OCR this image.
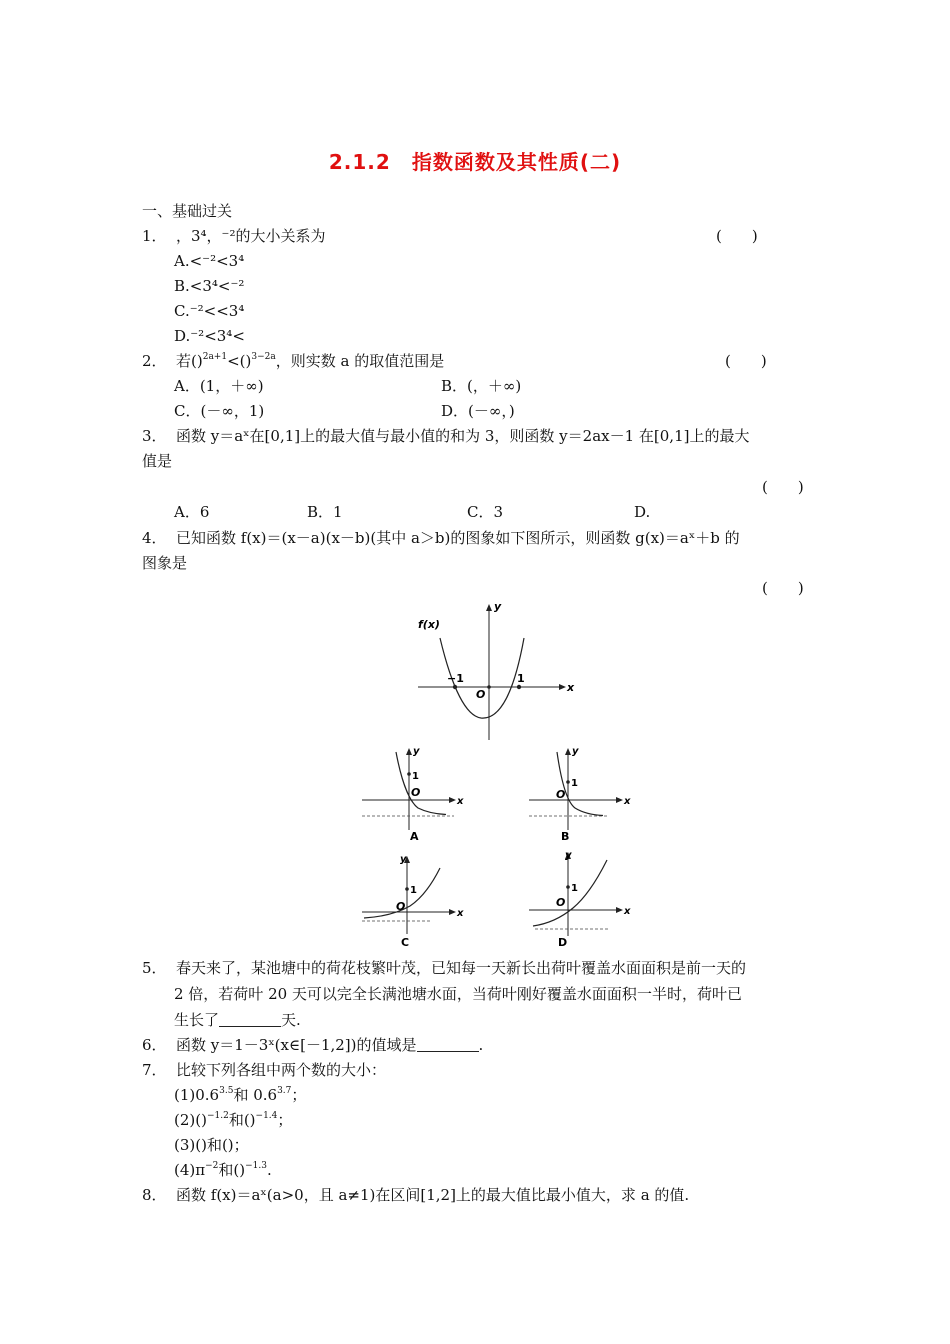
2.1.2　指数函数及其性质(二)
一、基础过关
1． ，3⁴，⁻²的大小关系为	(　　)
A.<⁻²<3⁴
B.<3⁴<⁻²
C.⁻²<<3⁴
D.⁻²<3⁴<
2． 若()$^{2a+1}$<()$^{3-2a}$，则实数 a 的取值范围是	(　　)
A．(1，＋∞)	B．(，＋∞)
C．(－∞，1)	D．(－∞，)
3． 函数 y＝aˣ在[0,1]上的最大值与最小值的和为 3，则函数 y＝2ax－1 在[0,1]上的最大
值是
(　　)
A．6	B．1	C．3	D.
4． 已知函数 f(x)＝(x－a)(x－b)(其中 a＞b)的图象如下图所示，则函数 g(x)＝aˣ＋b 的
图象是
(　　)
y
x
f(x)
−1
O
1
y
x
1
O
A
y
x
1
O
B
y
x
1
O
C
y
x
1
O
D
5． 春天来了，某池塘中的荷花枝繁叶茂，已知每一天新长出荷叶覆盖水面面积是前一天的
2 倍，若荷叶 20 天可以完全长满池塘水面，当荷叶刚好覆盖水面面积一半时，荷叶已
生长了	天.
6． 函数 y＝1－3ˣ(x∈[－1,2])的值域是	.
7． 比较下列各组中两个数的大小：
$(1)0.6^{3.5}$和 $0.6^{3.7}$；
(2)()$^{-1.2}$和()$^{-1.4}$；
(3)()和()；
$(4)\pi^{-2}$和()$^{-1.3}$.
8． 函数 f(x)＝aˣ(a>0，且 a≠1)在区间[1,2]上的最大值比最小值大，求 a 的值.
